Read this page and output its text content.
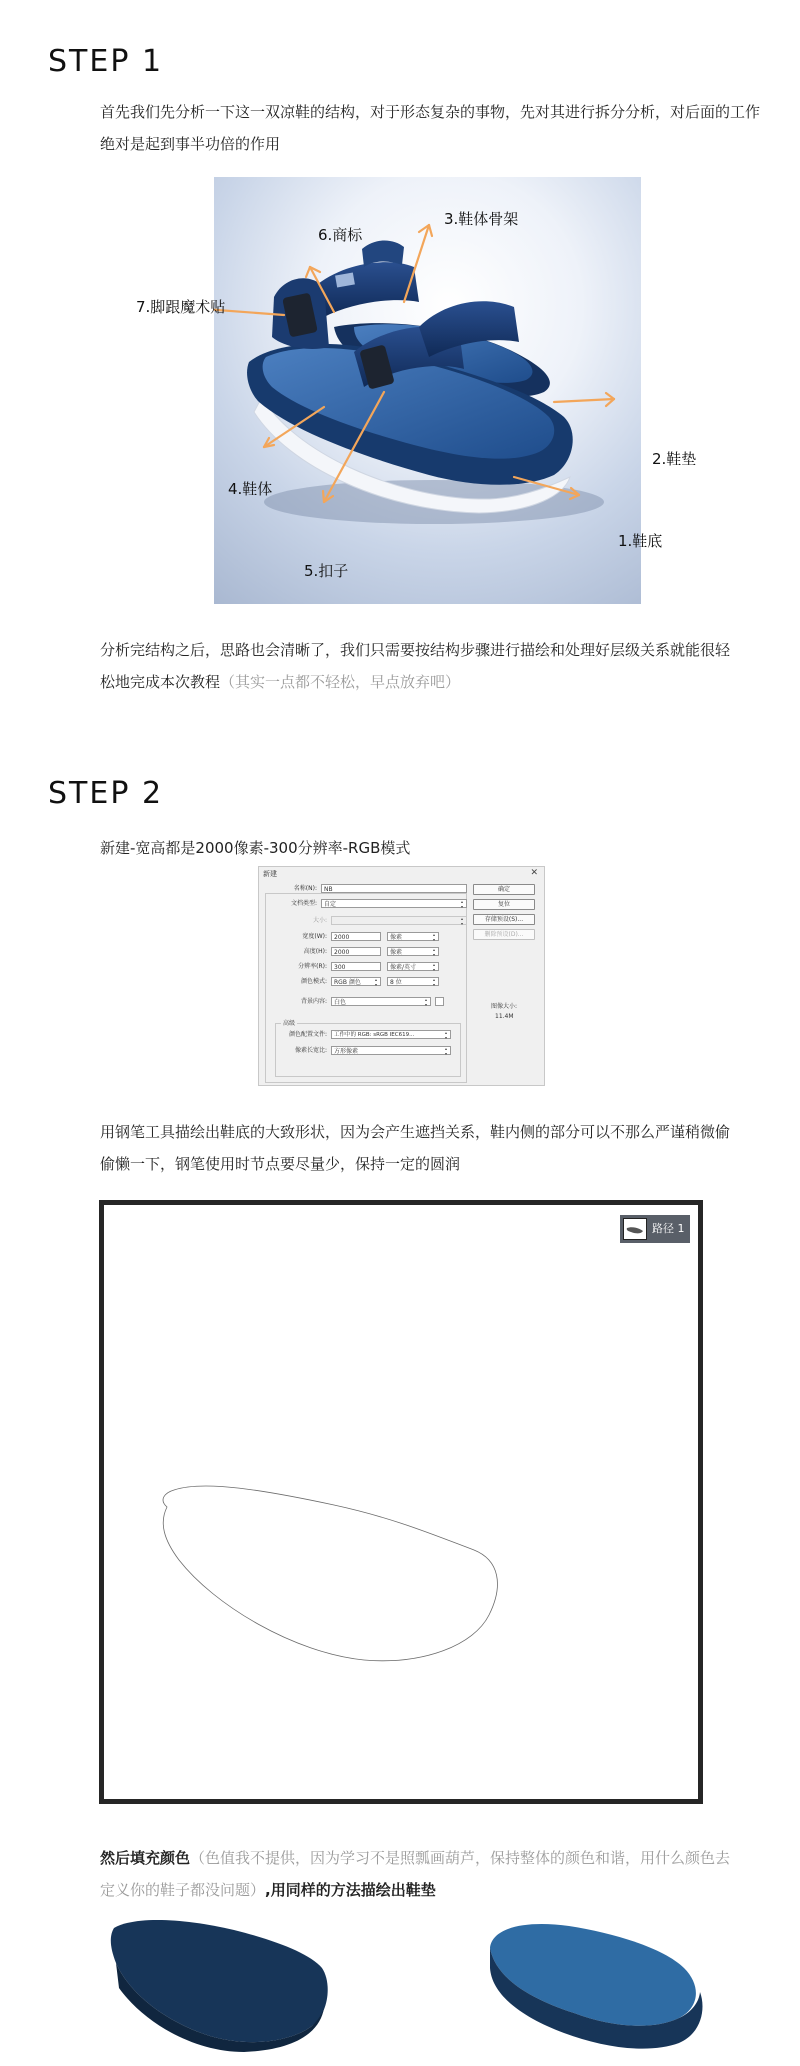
STEP 1

首先我们先分析一下这一双凉鞋的结构，对于形态复杂的事物，先对其进行拆分分析，对后面的工作绝对是起到事半功倍的作用

6.商标
3.鞋体骨架
7.脚跟魔术贴
2.鞋垫
4.鞋体
1.鞋底
5.扣子

分析完结构之后，思路也会清晰了，我们只需要按结构步骤进行描绘和处理好层级关系就能很轻松地完成本次教程（其实一点都不轻松，早点放弃吧）

STEP 2

新建-宽高都是2000像素-300分辨率-RGB模式

新建	✕
名称(N):	NB
文档类型:	自定 ▴▾
大小:
▴▾
宽度(W):	2000	像素 ▴▾
高度(H):	2000	像素 ▴▾
分辨率(R):	300	像素/英寸 ▴▾
颜色模式:	RGB 颜色 ▴▾	8 位 ▴▾
背景内容:	白色 ▴▾
高级
颜色配置文件:	工作中的 RGB: sRGB IEC619... ▴▾
像素长宽比:	方形像素 ▴▾
确定
复位
存储预设(S)...
删除预设(D)...
图像大小:
11.4M

用钢笔工具描绘出鞋底的大致形状，因为会产生遮挡关系，鞋内侧的部分可以不那么严谨稍微偷偷懒一下，钢笔使用时节点要尽量少，保持一定的圆润

路径 1

然后填充颜色（色值我不提供，因为学习不是照瓢画葫芦，保持整体的颜色和谐，用什么颜色去定义你的鞋子都没问题）,用同样的方法描绘出鞋垫
